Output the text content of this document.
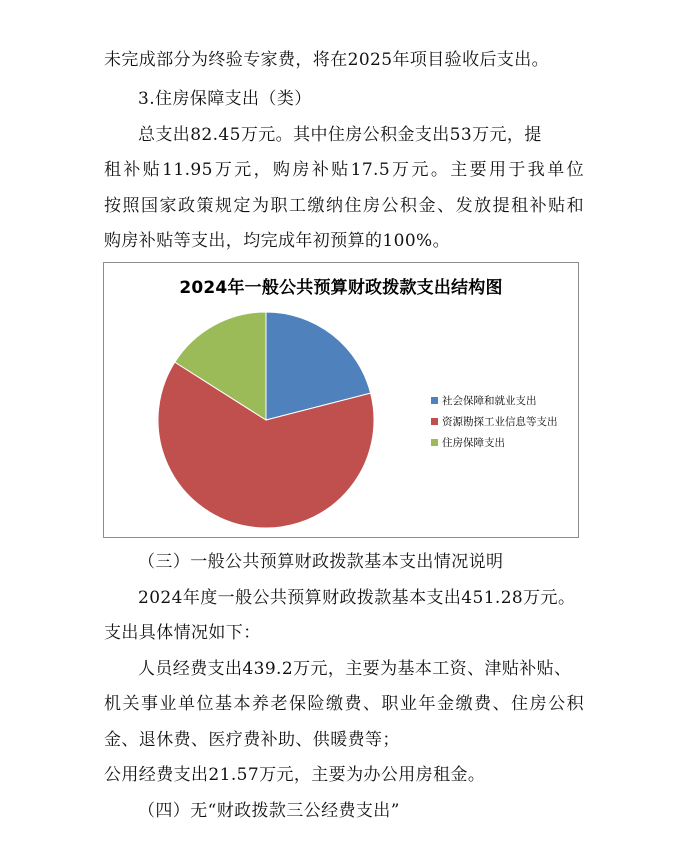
未完成部分为终验专家费，将在2025年项目验收后支出。
3.住房保障支出（类）
总支出82.45万元。其中住房公积金支出53万元，提
租补贴11.95万元，购房补贴17.5万元。主要用于我单位
按照国家政策规定为职工缴纳住房公积金、发放提租补贴和
购房补贴等支出，均完成年初预算的100%。
2024年一般公共预算财政拨款支出结构图
社会保障和就业支出
资源勘探工业信息等支出
住房保障支出
（三）一般公共预算财政拨款基本支出情况说明
2024年度一般公共预算财政拨款基本支出451.28万元。
支出具体情况如下：
人员经费支出439.2万元，主要为基本工资、津贴补贴、
机关事业单位基本养老保险缴费、职业年金缴费、住房公积
金、退休费、医疗费补助、供暖费等；
公用经费支出21.57万元，主要为办公用房租金。
（四）无“财政拨款三公经费支出”
